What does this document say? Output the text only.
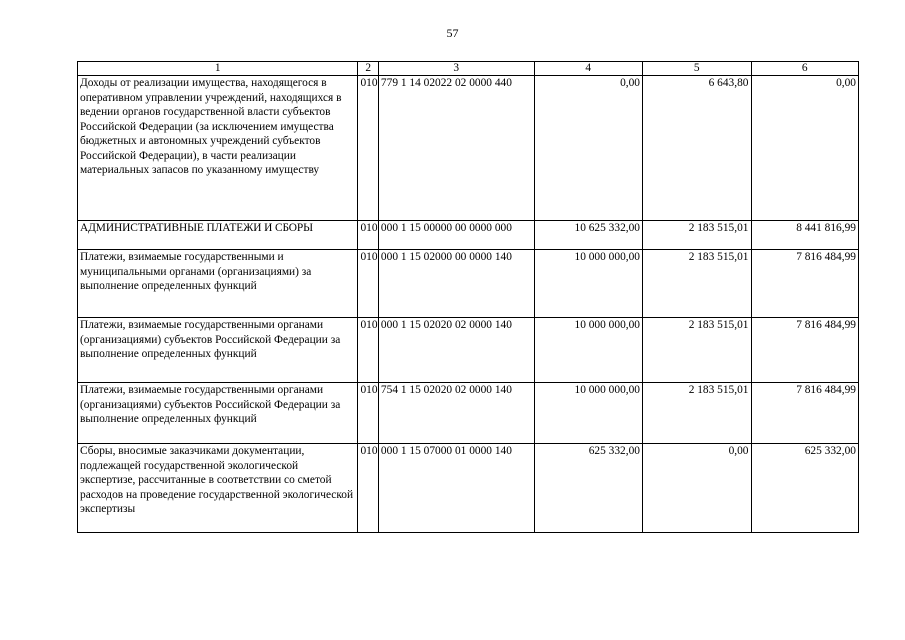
57
1	2	3	4	5	6
Доходы от реализации имущества, находящегося в оперативном управлении учреждений, находящихся в ведении органов государственной власти субъектов Российской Федерации (за исключением имущества бюджетных и автономных учреждений субъектов Российской Федерации), в части реализации материальных запасов по указанному имуществу	010	779 1 14 02022 02 0000 440	0,00	6 643,80	0,00
АДМИНИСТРАТИВНЫЕ ПЛАТЕЖИ И СБОРЫ	010	000 1 15 00000 00 0000 000	10 625 332,00	2 183 515,01	8 441 816,99
Платежи, взимаемые государственными и муниципальными органами (организациями) за выполнение определенных функций	010	000 1 15 02000 00 0000 140	10 000 000,00	2 183 515,01	7 816 484,99
Платежи, взимаемые государственными органами (организациями) субъектов Российской Федерации за выполнение определенных функций	010	000 1 15 02020 02 0000 140	10 000 000,00	2 183 515,01	7 816 484,99
Платежи, взимаемые государственными органами (организациями) субъектов Российской Федерации за выполнение определенных функций	010	754 1 15 02020 02 0000 140	10 000 000,00	2 183 515,01	7 816 484,99
Сборы, вносимые заказчиками документации, подлежащей государственной экологической экспертизе, рассчитанные в соответствии со сметой расходов на проведение государственной экологической экспертизы	010	000 1 15 07000 01 0000 140	625 332,00	0,00	625 332,00
